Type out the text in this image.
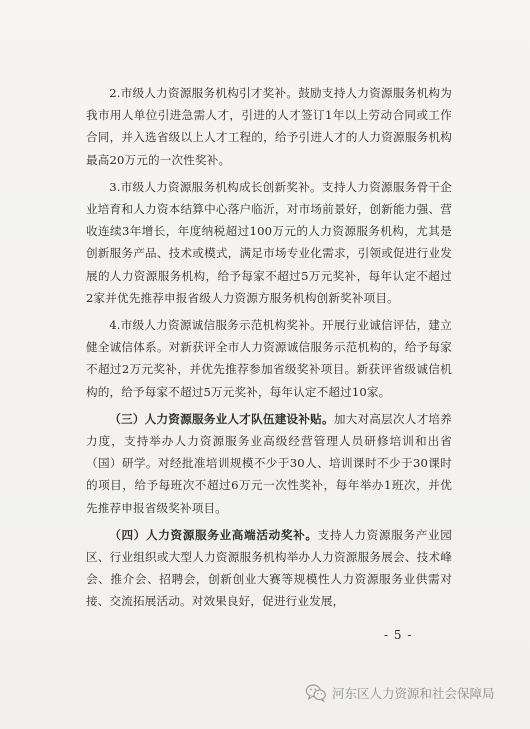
2.市级人力资源服务机构引才奖补。鼓励支持人力资源服务机构为我市用人单位引进急需人才，引进的人才签订1年以上劳动合同或工作合同，并入选省级以上人才工程的，给予引进人才的人力资源服务机构最高20万元的一次性奖补。

3.市级人力资源服务机构成长创新奖补。支持人力资源服务骨干企业培育和人力资本结算中心落户临沂，对市场前景好，创新能力强、营收连续3年增长，年度纳税超过100万元的人力资源服务机构，尤其是创新服务产品、技术或模式，满足市场专业化需求，引领或促进行业发展的人力资源服务机构，给予每家不超过5万元奖补，每年认定不超过2家并优先推荐申报省级人力资源方服务机构创新奖补项目。

4.市级人力资源诚信服务示范机构奖补。开展行业诚信评估，建立健全诚信体系。对新获评全市人力资源诚信服务示范机构的，给予每家不超过2万元奖补，并优先推荐参加省级奖补项目。新获评省级诚信机构的，给予每家不超过5万元奖补，每年认定不超过10家。

（三）人力资源服务业人才队伍建设补贴。加大对高层次人才培养力度，支持举办人力资源服务业高级经营管理人员研修培训和出省（国）研学。对经批准培训规模不少于30人、培训课时不少于30课时的项目，给予每班次不超过6万元一次性奖补，每年举办1班次，并优先推荐申报省级奖补项目。

（四）人力资源服务业高端活动奖补。支持人力资源服务产业园区、行业组织或大型人力资源服务机构举办人力资源服务展会、技术峰会、推介会、招聘会，创新创业大赛等规模性人力资源服务业供需对接、交流拓展活动。对效果良好，促进行业发展，

- 5 -
河东区人力资源和社会保障局
